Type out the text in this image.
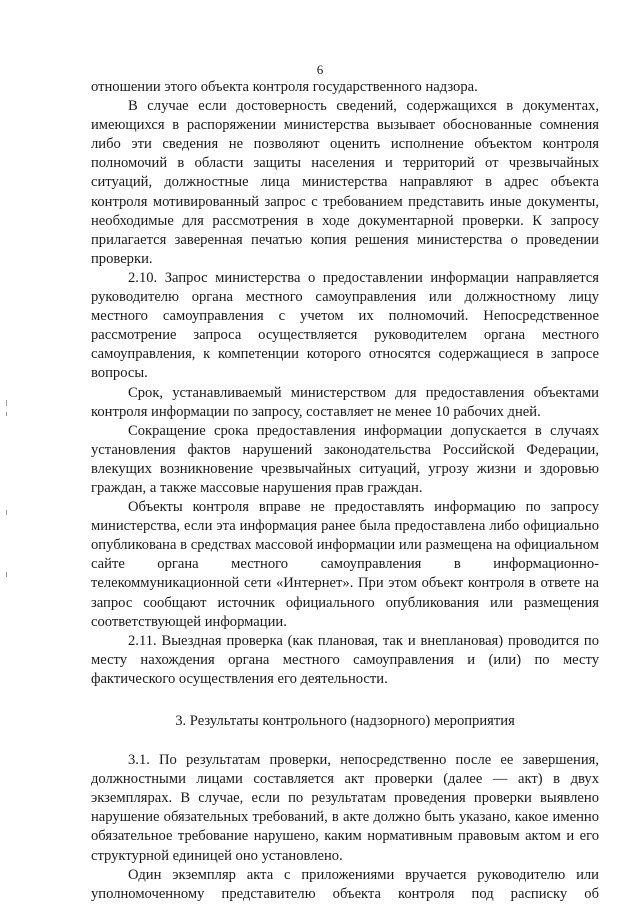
6

отношении этого объекта контроля государственного надзора.

В случае если достоверность сведений, содержащихся в документах, имеющихся в распоряжении министерства вызывает обоснованные сомнения либо эти сведения не позволяют оценить исполнение объектом контроля полномочий в области защиты населения и территорий от чрезвычайных ситуаций, должностные лица министерства направляют в адрес объекта контроля мотивированный запрос с требованием представить иные документы, необходимые для рассмотрения в ходе документарной проверки. К запросу прилагается заверенная печатью копия решения министерства о проведении проверки.

2.10. Запрос министерства о предоставлении информации направляется руководителю органа местного самоуправления или должностному лицу местного самоуправления с учетом их полномочий. Непосредственное рассмотрение запроса осуществляется руководителем органа местного самоуправления, к компетенции которого относятся содержащиеся в запросе вопросы.

Срок, устанавливаемый министерством для предоставления объектами контроля информации по запросу, составляет не менее 10 рабочих дней.

Сокращение срока предоставления информации допускается в случаях установления фактов нарушений законодательства Российской Федерации, влекущих возникновение чрезвычайных ситуаций, угрозу жизни и здоровью граждан, а также массовые нарушения прав граждан.

Объекты контроля вправе не предоставлять информацию по запросу министерства, если эта информация ранее была предоставлена либо официально опубликована в средствах массовой информации или размещена на официальном сайте органа местного самоуправления в информационно-телекоммуникационной сети «Интернет». При этом объект контроля в ответе на запрос сообщают источник официального опубликования или размещения соответствующей информации.

2.11. Выездная проверка (как плановая, так и внеплановая) проводится по месту нахождения органа местного самоуправления и (или) по месту фактического осуществления его деятельности.

3. Результаты контрольного (надзорного) мероприятия

3.1. По результатам проверки, непосредственно после ее завершения, должностными лицами составляется акт проверки (далее — акт) в двух экземплярах. В случае, если по результатам проведения проверки выявлено нарушение обязательных требований, в акте должно быть указано, какое именно обязательное требование нарушено, каким нормативным правовым актом и его структурной единицей оно установлено.

Один экземпляр акта с приложениями вручается руководителю или уполномоченному представителю объекта контроля под расписку об
